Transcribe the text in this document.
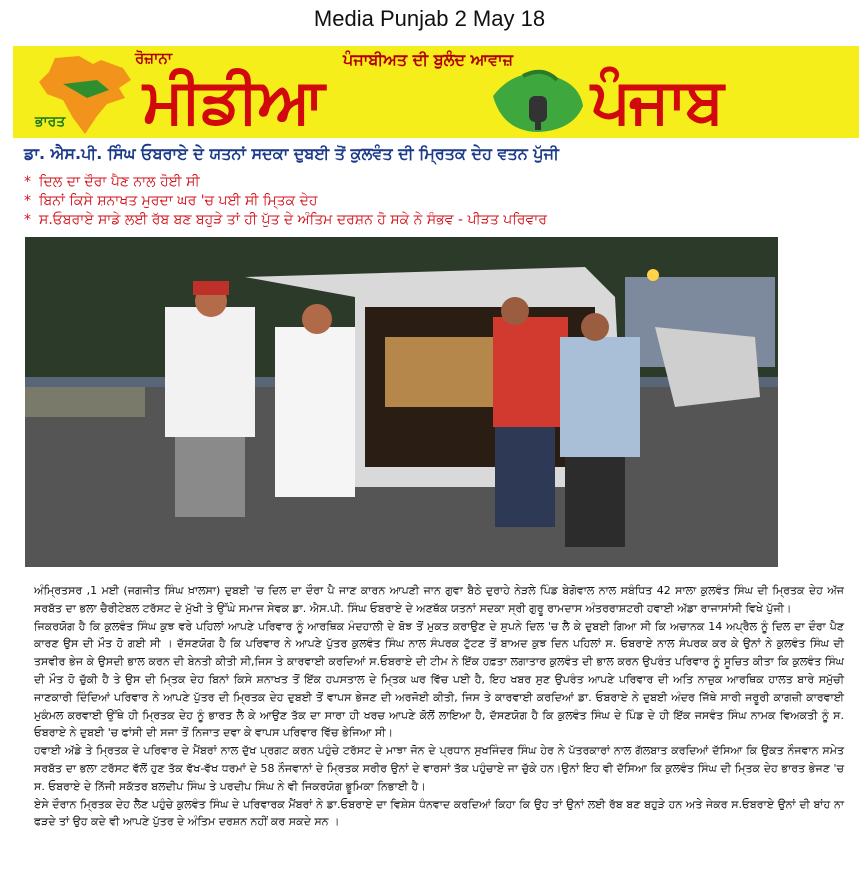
Media Punjab 2 May 18
ਰੋਜ਼ਾਨਾ	ਪੰਜਾਬੀਅਤ ਦੀ ਬੁਲੰਦ ਆਵਾਜ਼
ਮੀਡੀਆ	ਪੰਜਾਬ
ਭਾਰਤ
ਡਾ. ਐਸ.ਪੀ. ਸਿੰਘ ਓਬਰਾਏ ਦੇ ਯਤਨਾਂ ਸਦਕਾ ਦੁਬਈ ਤੋਂ ਕੁਲਵੰਤ ਦੀ ਮ੍ਰਿਤਕ ਦੇਹ ਵਤਨ ਪੁੱਜੀ
* ਦਿਲ ਦਾ ਦੌਰਾ ਪੈਣ ਨਾਲ ਹੋਈ ਸੀ
* ਬਿਨਾਂ ਕਿਸੇ ਸ਼ਨਾਖਤ ਮੁਰਦਾ ਘਰ 'ਚ ਪਈ ਸੀ ਮਿ੍ਤਕ ਦੇਹ
* ਸ.ਓਬਰਾਏ ਸਾਡੇ ਲਈ ਰੱਬ ਬਣ ਬਹੁੜੇ ਤਾਂ ਹੀ ਪੁੱਤ ਦੇ ਅੰਤਿਮ ਦਰਸ਼ਨ ਹੋ ਸਕੇ ਨੇ ਸੰਭਵ - ਪੀੜਤ ਪਰਿਵਾਰ

ਅੰਮ੍ਰਿਤਸਰ ,1 ਮਈ (ਜਗਜੀਤ ਸਿੰਘ ਖ਼ਾਲਸਾ) ਦੁਬਈ 'ਚ ਦਿਲ ਦਾ ਦੌਰਾ ਪੈ ਜਾਣ ਕਾਰਨ ਆਪਣੀ ਜਾਨ ਗੁਵਾ ਬੈਠੇ ਦੁਰਾਹੇ ਨੇੜਲੇ ਪਿੰਡ ਬੇਗੋਵਾਲ ਨਾਲ ਸਬੰਧਿਤ 42 ਸਾਲਾ ਕੁਲਵੰਤ ਸਿੰਘ ਦੀ ਮ੍ਰਿਤਕ ਦੇਹ ਅੱਜ ਸਰਬੱਤ ਦਾ ਭਲਾ ਚੈਰੀਟੇਬਲ ਟਰੱਸਟ ਦੇ ਮੁੱਖੀ ਤੇ ਉੱਘੇ ਸਮਾਜ ਸੇਵਕ ਡਾ. ਐਸ.ਪੀ. ਸਿੰਘ ਓਬਰਾਏ ਦੇ ਅਣਥੱਕ ਯਤਨਾਂ ਸਦਕਾ ਸ੍ਰੀ ਗੁਰੂ ਰਾਮਦਾਸ ਅੰਤਰਰਾਸ਼ਟਰੀ ਹਵਾਈ ਅੱਡਾ ਰਾਜਾਸਾਂਸੀ ਵਿਖੇ ਪੁੱਜੀ।

ਜਿਕਰਯੋਗ ਹੈ ਕਿ ਕੁਲਵੰਤ ਸਿੰਘ ਕੁਝ ਵਰੇ ਪਹਿਲਾਂ ਆਪਣੇ ਪਰਿਵਾਰ ਨੂੰ ਆਰਥਿਕ ਮੰਦਹਾਲੀ ਦੇ ਬੋਝ ਤੋਂ ਮੁਕਤ ਕਰਾਉਣ ਦੇ ਸੁਪਨੇ ਦਿਲ 'ਚ ਲੈ ਕੇ ਦੁਬਈ ਗਿਆ ਸੀ ਕਿ ਅਚਾਨਕ 14 ਅਪ੍ਰੈਲ ਨੂੰ ਦਿਲ ਦਾ ਦੌਰਾ ਪੈਣ ਕਾਰਣ ਉਸ ਦੀ ਮੌਤ ਹੋ ਗਈ ਸੀ । ਦੱਸਣਯੋਗ ਹੈ ਕਿ ਪਰਿਵਾਰ ਨੇ ਆਪਣੇ ਪੁੱਤਰ ਕੁਲਵੰਤ ਸਿੰਘ ਨਾਲ ਸੰਪਰਕ ਟੁੱਟਣ ਤੋਂ ਬਾਅਦ ਕੁਝ ਦਿਨ ਪਹਿਲਾਂ ਸ. ਓਬਰਾਏ ਨਾਲ ਸੰਪਰਕ ਕਰ ਕੇ ਉਨਾਂ ਨੇ ਕੁਲਵੰਤ ਸਿੰਘ ਦੀ ਤਸਵੀਰ ਭੇਜ ਕੇ ਉਸਦੀ ਭਾਲ ਕਰਨ ਦੀ ਬੇਨਤੀ ਕੀਤੀ ਸੀ,ਜਿਸ ਤੇ ਕਾਰਵਾਈ ਕਰਦਿਆਂ ਸ.ਓਬਰਾਏ ਦੀ ਟੀਮ ਨੇ ਇੱਕ ਹਫ਼ਤਾ ਲਗਾਤਾਰ ਕੁਲਵੰਤ ਦੀ ਭਾਲ ਕਰਨ ਉਪਰੰਤ ਪਰਿਵਾਰ ਨੂੰ ਸੂਚਿਤ ਕੀਤਾ ਕਿ ਕੁਲਵੰਤ ਸਿੰਘ ਦੀ ਮੌਤ ਹੋ ਚੁੱਕੀ ਹੈ ਤੇ ਉਸ ਦੀ ਮਿ੍ਤਕ ਦੇਹ ਬਿਨਾਂ ਕਿਸੇ ਸ਼ਨਾਖਤ ਤੋਂ ਇੱਕ ਹਪਸਤਾਲ ਦੇ ਮਿ੍ਤਕ ਘਰ ਵਿੱਚ ਪਈ ਹੈ, ਇਹ ਖਬਰ ਸੁਣ ਉਪਰੰਤ ਆਪਣੇ ਪਰਿਵਾਰ ਦੀ ਅਤਿ ਨਾਜ਼ੁਕ ਆਰਥਿਕ ਹਾਲਤ ਬਾਰੇ ਸਮੁੱਚੀ ਜਾਣਕਾਰੀ ਦਿੰਦਿਆਂ ਪਰਿਵਾਰ ਨੇ ਆਪਣੇ ਪੁੱਤਰ ਦੀ ਮ੍ਰਿਤਕ ਦੇਹ ਦੁਬਈ ਤੋਂ ਵਾਪਸ ਭੇਜਣ ਦੀ ਅਰਜੋਈ ਕੀਤੀ, ਜਿਸ ਤੇ ਕਾਰਵਾਈ ਕਰਦਿਆਂ ਡਾ. ਓਬਰਾਏ ਨੇ ਦੁਬਈ ਅੰਦਰ ਜਿੱਥੇ ਸਾਰੀ ਜਰੂਰੀ ਕਾਗਜ਼ੀ ਕਾਰਵਾਈ ਮੁਕੰਮਲ ਕਰਵਾਈ ਉੱਥੇ ਹੀ ਮ੍ਰਿਤਕ ਦੇਹ ਨੂੰ ਭਾਰਤ ਲੈ ਕੇ ਆਉਣ ਤੱਕ ਦਾ ਸਾਰਾ ਹੀ ਖਰਚ ਆਪਣੇ ਕੋਲੋਂ ਲਾਇਆ ਹੈ, ਦੱਸਣਯੋਗ ਹੈ ਕਿ ਕੁਲਵੰਤ ਸਿੰਘ ਦੇ ਪਿੰਡ ਦੇ ਹੀ ਇੱਕ ਜਸਵੰਤ ਸਿੰਘ ਨਾਮਕ ਵਿਅਕਤੀ ਨੂੰ ਸ. ਓਬਰਾਏ ਨੇ ਦੁਬਈ 'ਚ ਫਾਂਸੀ ਦੀ ਸਜਾ ਤੋਂ ਨਿਜਾਤ ਦਵਾ ਕੇ ਵਾਪਸ ਪਰਿਵਾਰ ਵਿੱਚ ਭੇਜਿਆ ਸੀ।

ਹਵਾਈ ਅੱਡੇ ਤੇ ਮ੍ਰਿਤਕ ਦੇ ਪਰਿਵਾਰ ਦੇ ਮੈਂਬਰਾਂ ਨਾਲ ਦੁੱਖ ਪ੍ਰਗਟ ਕਰਨ ਪਹੁੰਚੇ ਟਰੱਸਟ ਦੇ ਮਾਝਾ ਜੋਨ ਦੇ ਪ੍ਰਧਾਨ ਸੁਖਜਿੰਦਰ ਸਿੰਘ ਹੇਰ ਨੇ ਪੱਤਰਕਾਰਾਂ ਨਾਲ ਗੱਲਬਾਤ ਕਰਦਿਆਂ ਦੱਸਿਆ ਕਿ ਉਕਤ ਨੌਜਵਾਨ ਸਮੇਤ ਸਰਬੱਤ ਦਾ ਭਲਾ ਟਰੱਸਟ ਵੱਲੋਂ ਹੁਣ ਤੱਕ ਵੱਖ-ਵੱਖ ਧਰਮਾਂ ਦੇ 58 ਨੌਜਵਾਨਾਂ ਦੇ ਮ੍ਰਿਤਕ ਸਰੀਰ ਉਨਾਂ ਦੇ ਵਾਰਸਾਂ ਤੱਕ ਪਹੁੰਚਾਏ ਜਾ ਚੁੱਕੇ ਹਨ।ਉਨਾਂ ਇਹ ਵੀ ਦੱਸਿਆ ਕਿ ਕੁਲਵੰਤ ਸਿੰਘ ਦੀ ਮਿ੍ਤਕ ਦੇਹ ਭਾਰਤ ਭੇਜਣ 'ਚ ਸ. ਓਬਰਾਏ ਦੇ ਨਿੱਜੀ ਸਕੱਤਰ ਬਲਦੀਪ ਸਿੰਘ ਤੇ ਪਰਦੀਪ ਸਿੰਘ ਨੇ ਵੀ ਜਿਕਰਯੋਗ ਭੂਮਿਕਾ ਨਿਭਾਈ ਹੈ।

ਏਸੇ ਦੌਰਾਨ ਮ੍ਰਿਤਕ ਦੇਹ ਲੈਣ ਪਹੁੰਚੇ ਕੁਲਵੰਤ ਸਿੰਘ ਦੇ ਪਰਿਵਾਰਕ ਮੈਂਬਰਾਂ ਨੇ ਡਾ.ਓਬਰਾਏ ਦਾ ਵਿਸ਼ੇਸ ਧੰਨਵਾਦ ਕਰਦਿਆਂ ਕਿਹਾ ਕਿ ਉਹ ਤਾਂ ਉਨਾਂ ਲਈ ਰੱਬ ਬਣ ਬਹੁੜੇ ਹਨ ਅਤੇ ਜੇਕਰ ਸ.ਓਬਰਾਏ ਉਨਾਂ ਦੀ ਬਾਂਹ ਨਾ ਫੜਦੇ ਤਾਂ ਉਹ ਕਦੇ ਵੀ ਆਪਣੇ ਪੁੱਤਰ ਦੇ ਅੰਤਿਮ ਦਰਸ਼ਨ ਨਹੀਂ ਕਰ ਸਕਦੇ ਸਨ ।
